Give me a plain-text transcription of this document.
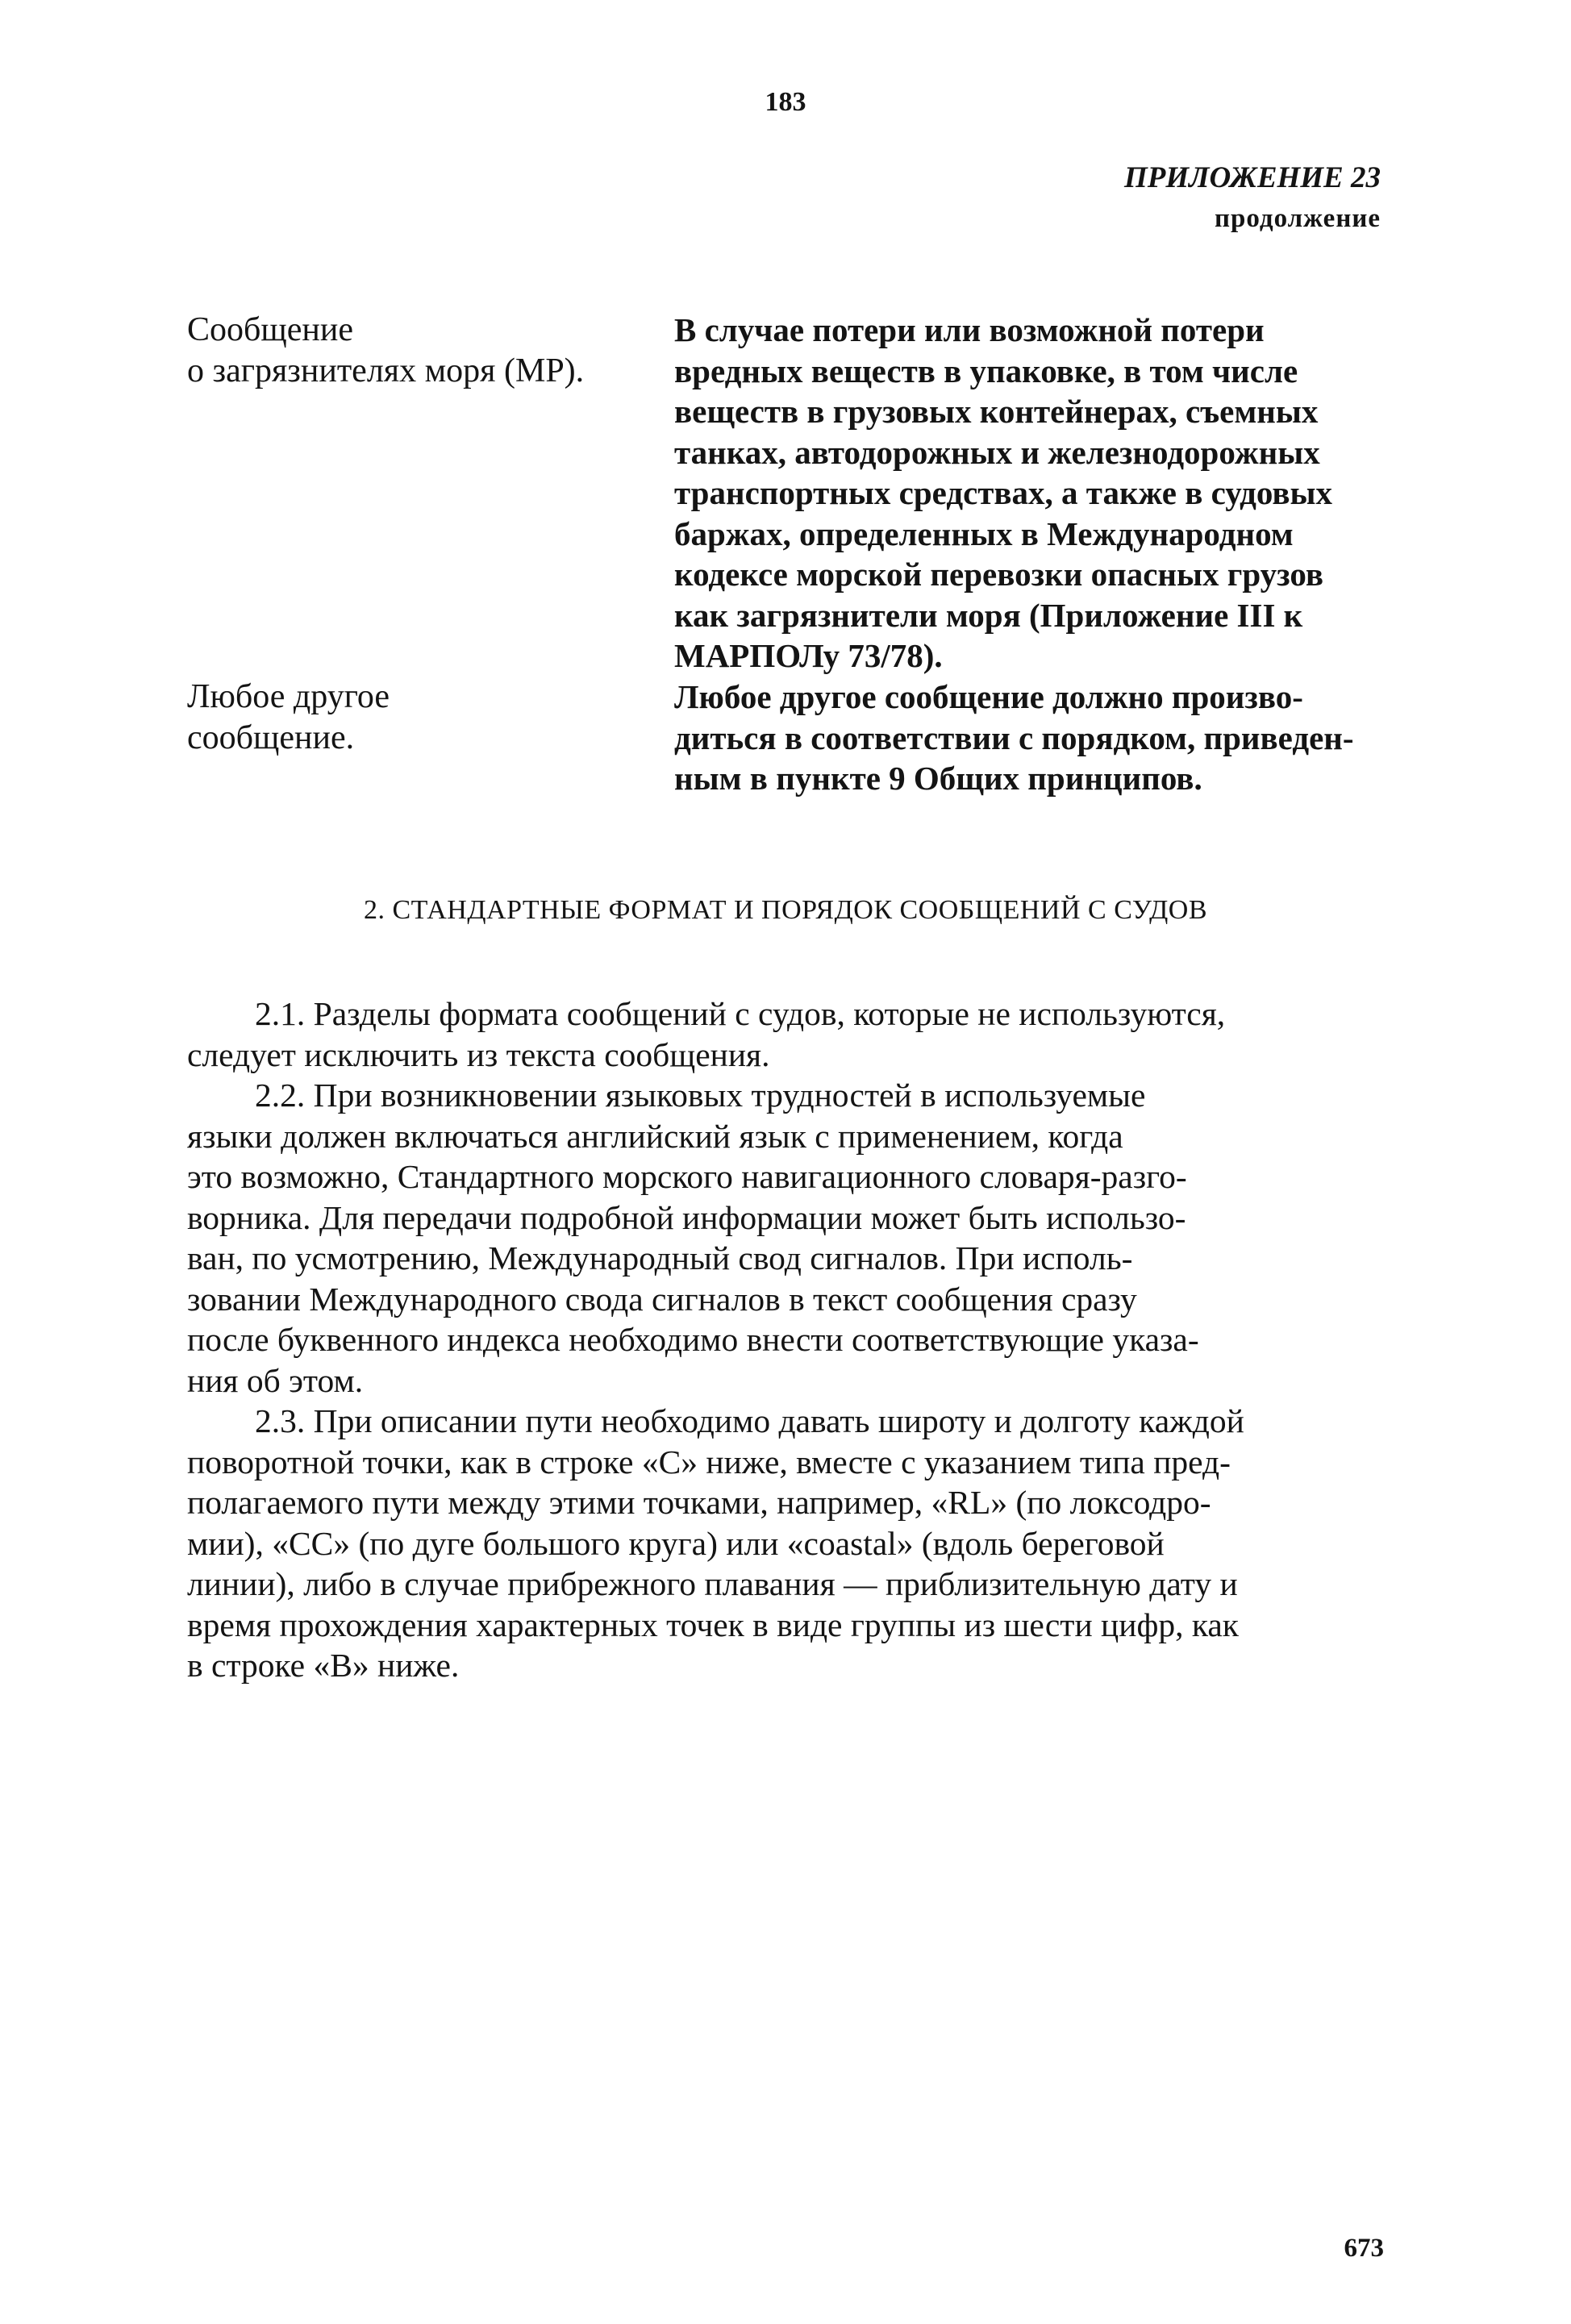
183
ПРИЛОЖЕНИЕ 23
продолжение
Сообщение
о загрязнителях моря (MP).
В случае потери или возможной потери
вредных веществ в упаковке, в том числе
веществ в грузовых контейнерах, съемных
танках, автодорожных и железнодорожных
транспортных средствах, а также в судовых
баржах, определенных в Международном
кодексе морской перевозки опасных грузов
как загрязнители моря (Приложение III к
МАРПОЛу 73/78).
Любое другое
сообщение.
Любое другое сообщение должно произво-
диться в соответствии с порядком, приведен-
ным в пункте 9 Общих принципов.
2. СТАНДАРТНЫЕ ФОРМАТ И ПОРЯДОК СООБЩЕНИЙ С СУДОВ
2.1. Разделы формата сообщений с судов, которые не используются,
следует исключить из текста сообщения.
2.2. При возникновении языковых трудностей в используемые
языки должен включаться английский язык с применением, когда
это возможно, Стандартного морского навигационного словаря-разго-
ворника. Для передачи подробной информации может быть использо-
ван, по усмотрению, Международный свод сигналов. При исполь-
зовании Международного свода сигналов в текст сообщения сразу
после буквенного индекса необходимо внести соответствующие указа-
ния об этом.
2.3. При описании пути необходимо давать широту и долготу каждой
поворотной точки, как в строке «C» ниже, вместе с указанием типа пред-
полагаемого пути между этими точками, например, «RL» (по локсодро-
мии), «CC» (по дуге большого круга) или «coastal» (вдоль береговой
линии), либо в случае прибрежного плавания — приблизительную дату и
время прохождения характерных точек в виде группы из шести цифр, как
в строке «B» ниже.
673
